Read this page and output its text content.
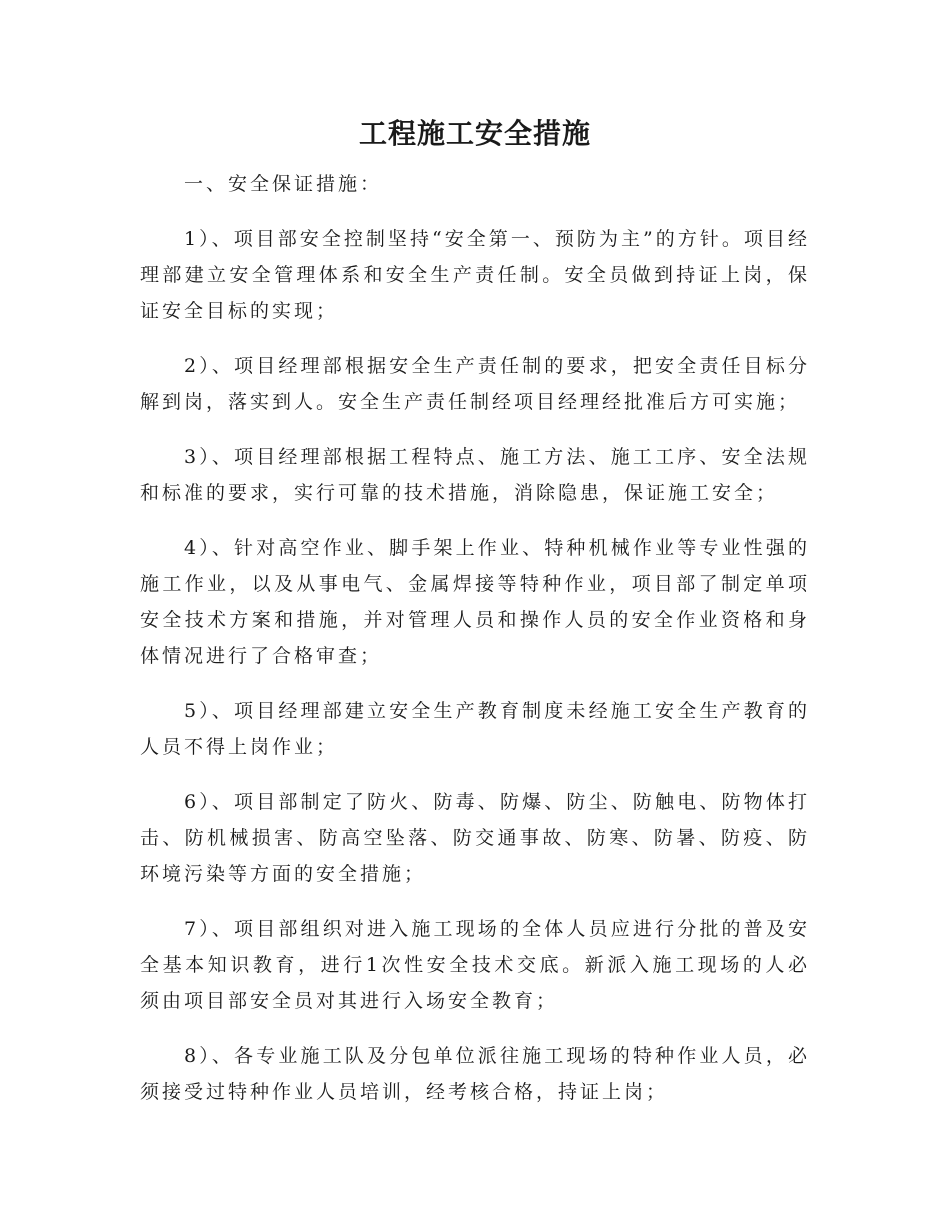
工程施工安全措施

一、安全保证措施：

1）、项目部安全控制坚持“安全第一、预防为主”的方针。项目经理部建立安全管理体系和安全生产责任制。安全员做到持证上岗，保证安全目标的实现；

2）、项目经理部根据安全生产责任制的要求，把安全责任目标分解到岗，落实到人。安全生产责任制经项目经理经批准后方可实施；

3）、项目经理部根据工程特点、施工方法、施工工序、安全法规和标准的要求，实行可靠的技术措施，消除隐患，保证施工安全；

4）、针对高空作业、脚手架上作业、特种机械作业等专业性强的施工作业，以及从事电气、金属焊接等特种作业，项目部了制定单项安全技术方案和措施，并对管理人员和操作人员的安全作业资格和身体情况进行了合格审查；

5）、项目经理部建立安全生产教育制度未经施工安全生产教育的人员不得上岗作业；

6）、项目部制定了防火、防毒、防爆、防尘、防触电、防物体打击、防机械损害、防高空坠落、防交通事故、防寒、防暑、防疫、防环境污染等方面的安全措施；

7）、项目部组织对进入施工现场的全体人员应进行分批的普及安全基本知识教育，进行1次性安全技术交底。新派入施工现场的人必须由项目部安全员对其进行入场安全教育；

8）、各专业施工队及分包单位派往施工现场的特种作业人员，必须接受过特种作业人员培训，经考核合格，持证上岗；
